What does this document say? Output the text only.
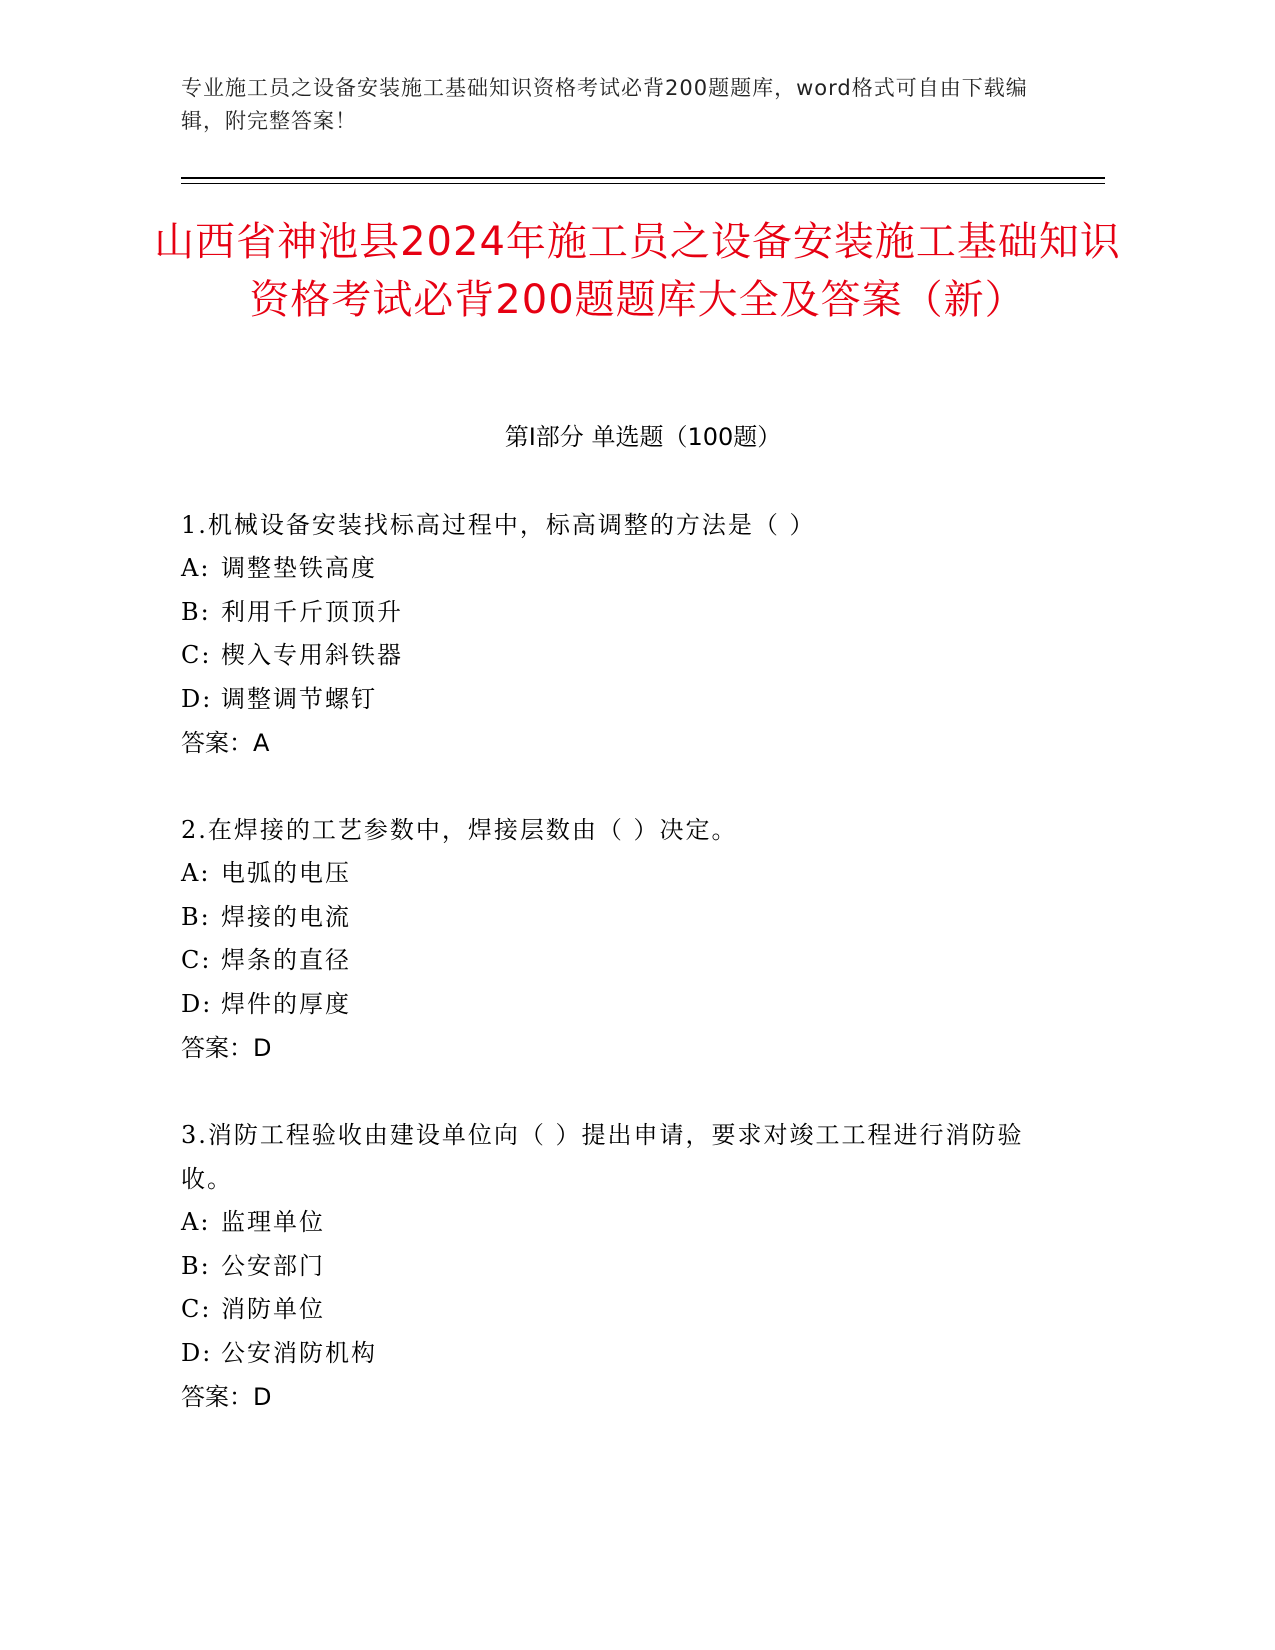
专业施工员之设备安装施工基础知识资格考试必背200题题库，word格式可自由下载编辑，附完整答案！
山西省神池县2024年施工员之设备安装施工基础知识资格考试必背200题题库大全及答案（新）
第Ⅰ部分 单选题（100题）
1.机械设备安装找标高过程中，标高调整的方法是（ ）
A: 调整垫铁高度
B: 利用千斤顶顶升
C: 楔入专用斜铁器
D: 调整调节螺钉
答案：A
2.在焊接的工艺参数中，焊接层数由（ ）决定。
A: 电弧的电压
B: 焊接的电流
C: 焊条的直径
D: 焊件的厚度
答案：D
3.消防工程验收由建设单位向（ ）提出申请，要求对竣工工程进行消防验收。
A: 监理单位
B: 公安部门
C: 消防单位
D: 公安消防机构
答案：D
